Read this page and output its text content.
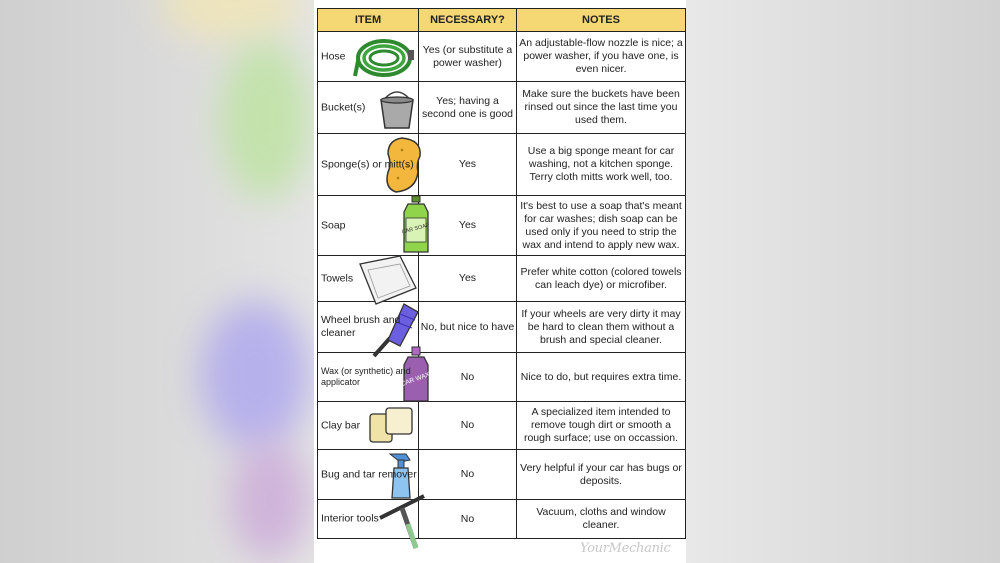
ITEM	NECESSARY?	NOTES

Hose	Yes (or substitute a power washer)	An adjustable-flow nozzle is nice; a power washer, if you have one, is even nicer.

Bucket(s)	Yes; having a second one is good	Make sure the buckets have been rinsed out since the last time you used them.

Sponge(s) or mitt(s)	Yes	Use a big sponge meant for car washing, not a kitchen sponge. Terry cloth mitts work well, too.

Soap CAR SOAP	Yes	It's best to use a soap that's meant for car washes; dish soap can be used only if you need to strip the wax and intend to apply new wax.

Towels	Yes	Prefer white cotton (colored towels can leach dye) or microfiber.

Wheel brush and cleaner	No, but nice to have	If your wheels are very dirty it may be hard to clean them without a brush and special cleaner.

Wax (or synthetic) and applicator CAR WAX	No	Nice to do, but requires extra time.

Clay bar	No	A specialized item intended to remove tough dirt or smooth a rough surface; use on occassion.

Bug and tar remover	No	Very helpful if your car has bugs or deposits.

Interior tools	No	Vacuum, cloths and window cleaner.
YourMechanic
